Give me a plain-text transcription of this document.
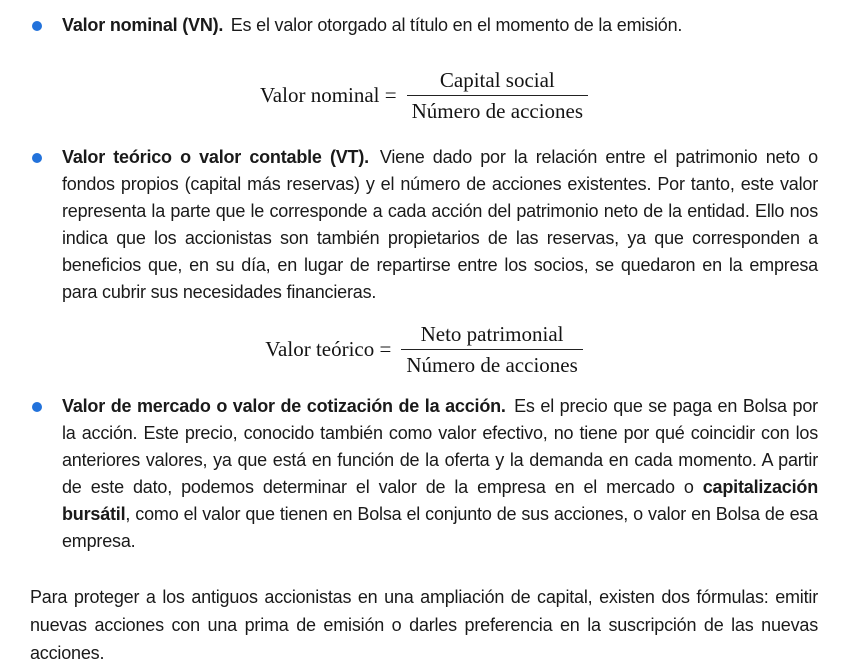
Valor nominal (VN). Es el valor otorgado al título en el momento de la emisión.
Valor nominal = $\frac{\text{Capital social}}{\text{Número de acciones}}$
Valor teórico o valor contable (VT). Viene dado por la relación entre el patrimonio neto o fondos propios (capital más reservas) y el número de acciones existentes. Por tanto, este valor representa la parte que le corresponde a cada acción del patrimonio neto de la entidad. Ello nos indica que los accionistas son también propietarios de las reservas, ya que corresponden a beneficios que, en su día, en lugar de repartirse entre los socios, se quedaron en la empresa para cubrir sus necesidades financieras.
Valor teórico = $\frac{\text{Neto patrimonial}}{\text{Número de acciones}}$
Valor de mercado o valor de cotización de la acción. Es el precio que se paga en Bolsa por la acción. Este precio, conocido también como valor efectivo, no tiene por qué coincidir con los anteriores valores, ya que está en función de la oferta y la demanda en cada momento. A partir de este dato, podemos determinar el valor de la empresa en el mercado o capitalización bursátil, como el valor que tienen en Bolsa el conjunto de sus acciones, o valor en Bolsa de esa empresa.

Para proteger a los antiguos accionistas en una ampliación de capital, existen dos fórmulas: emitir nuevas acciones con una prima de emisión o darles preferencia en la suscripción de las nuevas acciones.
